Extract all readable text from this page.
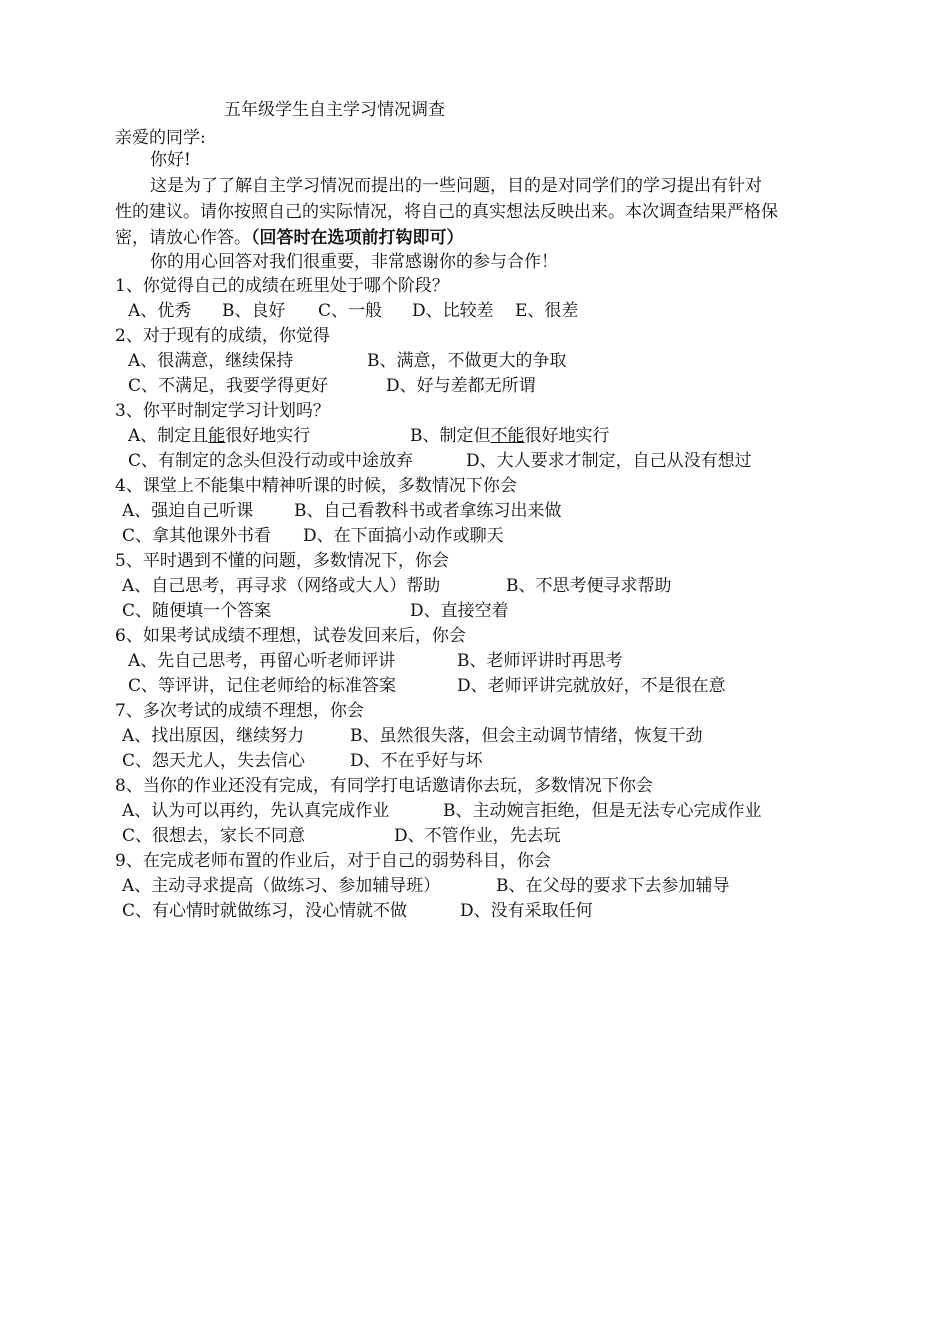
五年级学生自主学习情况调查
亲爱的同学:
你好!
这是为了了解自主学习情况而提出的一些问题，目的是对同学们的学习提出有针对
性的建议。请你按照自己的实际情况，将自己的真实想法反映出来。本次调查结果严格保
密，请放心作答。（回答时在选项前打钩即可）
你的用心回答对我们很重要，非常感谢你的参与合作！
1、你觉得自己的成绩在班里处于哪个阶段？
A、优秀 B、良好 C、一般 D、比较差 E、很差
2、对于现有的成绩，你觉得
A、很满意，继续保持	B、满意，不做更大的争取
C、不满足，我要学得更好	D、好与差都无所谓
3、你平时制定学习计划吗？
A、制定且能很好地实行	B、制定但不能很好地实行
C、有制定的念头但没行动或中途放弃	D、大人要求才制定，自己从没有想过
4、课堂上不能集中精神听课的时候，多数情况下你会
A、强迫自己听课 B、自己看教科书或者拿练习出来做
C、拿其他课外书看 D、在下面搞小动作或聊天
5、平时遇到不懂的问题，多数情况下，你会
A、自己思考，再寻求（网络或大人）帮助	B、不思考便寻求帮助
C、随便填一个答案	D、直接空着
6、如果考试成绩不理想，试卷发回来后，你会
A、先自己思考，再留心听老师评讲	B、老师评讲时再思考
C、等评讲，记住老师给的标准答案	D、老师评讲完就放好，不是很在意
7、多次考试的成绩不理想，你会
A、找出原因，继续努力	B、虽然很失落，但会主动调节情绪，恢复干劲
C、怨天尤人，失去信心	D、不在乎好与坏
8、当你的作业还没有完成，有同学打电话邀请你去玩，多数情况下你会
A、认为可以再约，先认真完成作业	B、主动婉言拒绝，但是无法专心完成作业
C、很想去，家长不同意	D、不管作业，先去玩
9、在完成老师布置的作业后，对于自己的弱势科目，你会
A、主动寻求提高（做练习、参加辅导班）	B、在父母的要求下去参加辅导
C、有心情时就做练习，没心情就不做	D、没有采取任何
